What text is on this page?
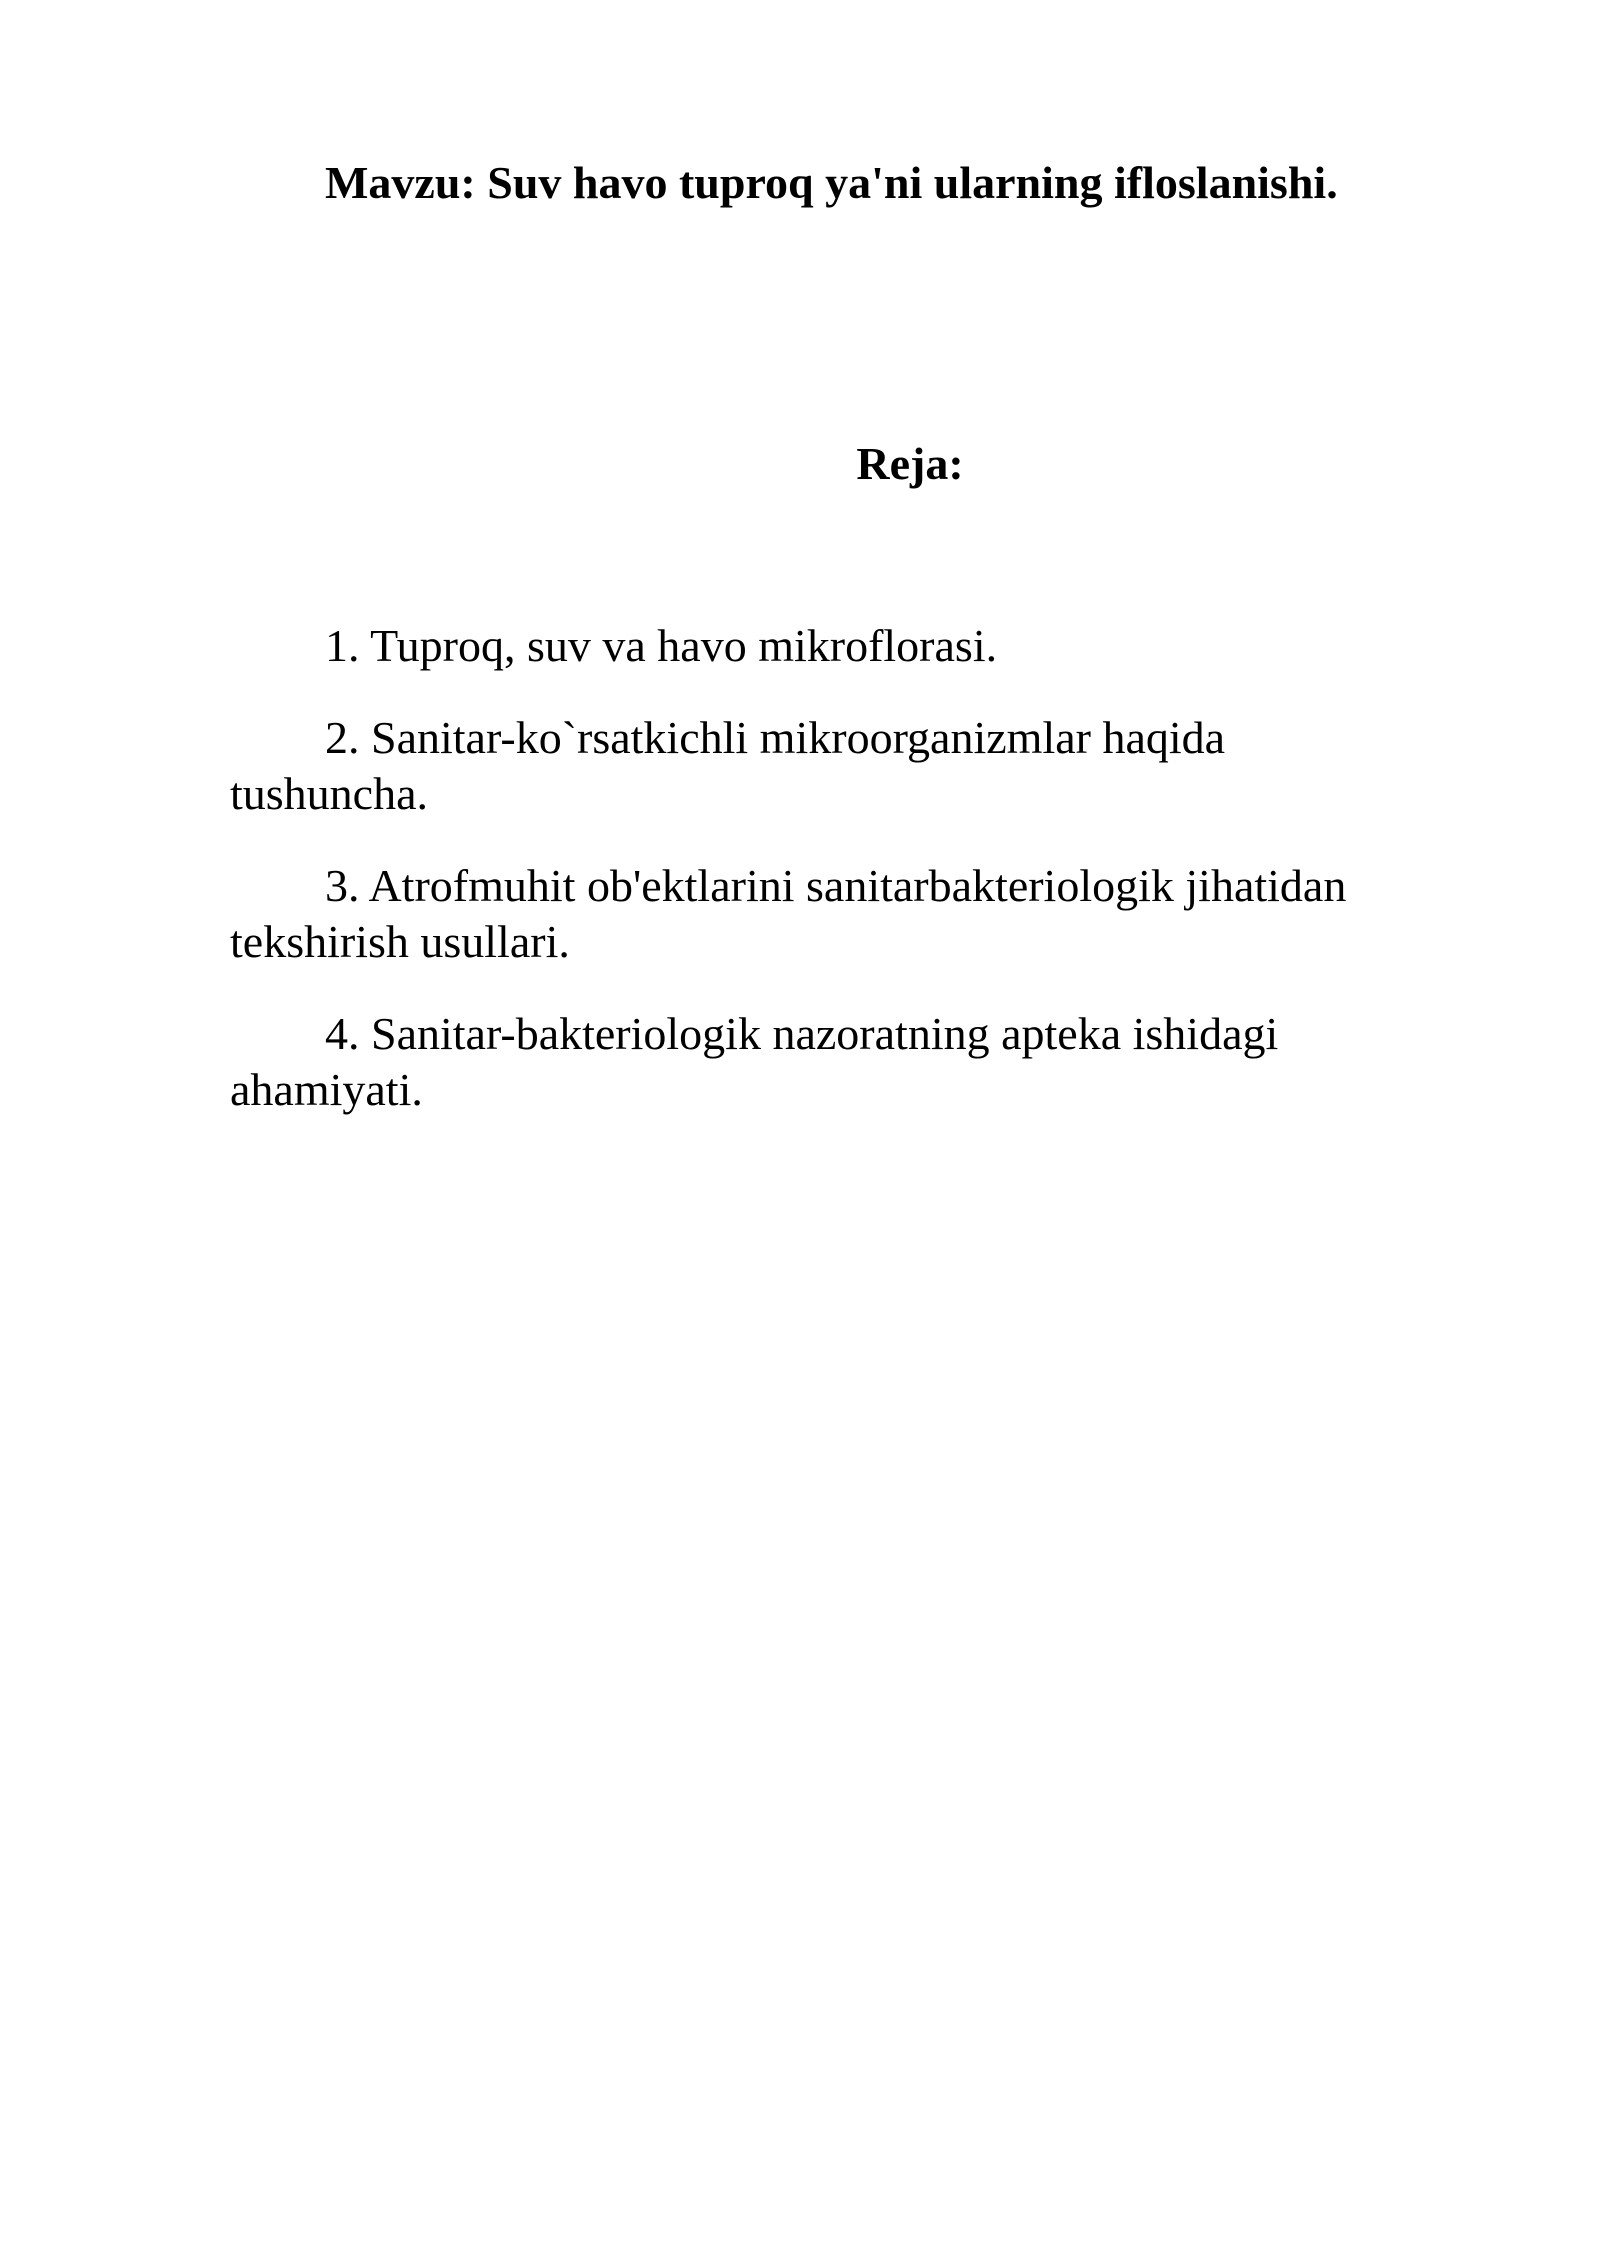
Mavzu: Suv havo tuproq ya'ni ularning ifloslanishi.
Reja:
1. Tuproq, suv va havo mikroflorasi.
2. Sanitar-ko`rsatkichli mikroorganizmlar haqida tushuncha.
3. Atrofmuhit ob'ektlarini sanitarbakteriologik jihatidan tekshirish usullari.
4. Sanitar-bakteriologik nazoratning apteka ishidagi ahamiyati.
